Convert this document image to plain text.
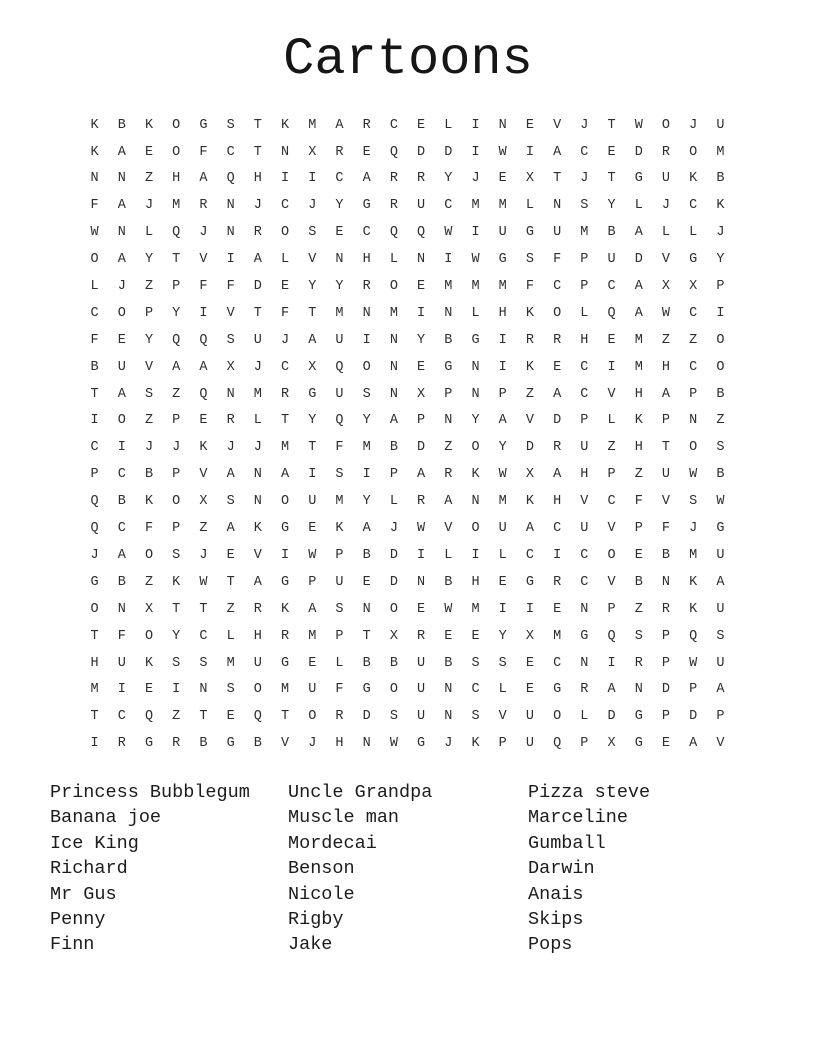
Cartoons
K	B	K	O	G	S	T	K	M	A	R	C	E	L	I	N	E	V	J	T	W	O	J	U
K	A	E	O	F	C	T	N	X	R	E	Q	D	D	I	W	I	A	C	E	D	R	O	M
N	N	Z	H	A	Q	H	I	I	C	A	R	R	Y	J	E	X	T	J	T	G	U	K	B
F	A	J	M	R	N	J	C	J	Y	G	R	U	C	M	M	L	N	S	Y	L	J	C	K
W	N	L	Q	J	N	R	O	S	E	C	Q	Q	W	I	U	G	U	M	B	A	L	L	J
O	A	Y	T	V	I	A	L	V	N	H	L	N	I	W	G	S	F	P	U	D	V	G	Y
L	J	Z	P	F	F	D	E	Y	Y	R	O	E	M	M	M	F	C	P	C	A	X	X	P
C	O	P	Y	I	V	T	F	T	M	N	M	I	N	L	H	K	O	L	Q	A	W	C	I
F	E	Y	Q	Q	S	U	J	A	U	I	N	Y	B	G	I	R	R	H	E	M	Z	Z	O
B	U	V	A	A	X	J	C	X	Q	O	N	E	G	N	I	K	E	C	I	M	H	C	O
T	A	S	Z	Q	N	M	R	G	U	S	N	X	P	N	P	Z	A	C	V	H	A	P	B
I	O	Z	P	E	R	L	T	Y	Q	Y	A	P	N	Y	A	V	D	P	L	K	P	N	Z
C	I	J	J	K	J	J	M	T	F	M	B	D	Z	O	Y	D	R	U	Z	H	T	O	S
P	C	B	P	V	A	N	A	I	S	I	P	A	R	K	W	X	A	H	P	Z	U	W	B
Q	B	K	O	X	S	N	O	U	M	Y	L	R	A	N	M	K	H	V	C	F	V	S	W
Q	C	F	P	Z	A	K	G	E	K	A	J	W	V	O	U	A	C	U	V	P	F	J	G
J	A	O	S	J	E	V	I	W	P	B	D	I	L	I	L	C	I	C	O	E	B	M	U
G	B	Z	K	W	T	A	G	P	U	E	D	N	B	H	E	G	R	C	V	B	N	K	A
O	N	X	T	T	Z	R	K	A	S	N	O	E	W	M	I	I	E	N	P	Z	R	K	U
T	F	O	Y	C	L	H	R	M	P	T	X	R	E	E	Y	X	M	G	Q	S	P	Q	S
H	U	K	S	S	M	U	G	E	L	B	B	U	B	S	S	E	C	N	I	R	P	W	U
M	I	E	I	N	S	O	M	U	F	G	O	U	N	C	L	E	G	R	A	N	D	P	A
T	C	Q	Z	T	E	Q	T	O	R	D	S	U	N	S	V	U	O	L	D	G	P	D	P
I	R	G	R	B	G	B	V	J	H	N	W	G	J	K	P	U	Q	P	X	G	E	A	V
Princess Bubblegum
Banana joe
Ice King
Richard
Mr Gus
Penny
Finn
Uncle Grandpa
Muscle man
Mordecai
Benson
Nicole
Rigby
Jake
Pizza steve
Marceline
Gumball
Darwin
Anais
Skips
Pops
